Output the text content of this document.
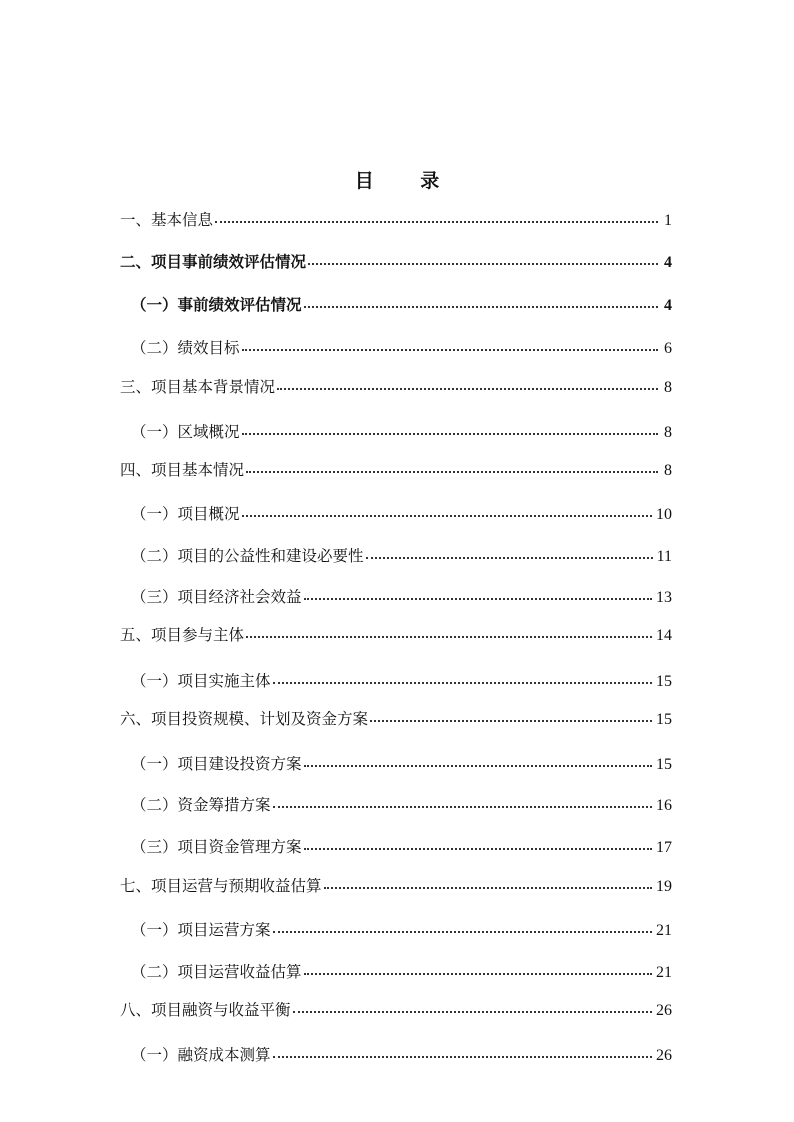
目 录
一、基本信息	1
二、项目事前绩效评估情况	4
（一）事前绩效评估情况	4
（二）绩效目标	6
三、项目基本背景情况	8
（一）区域概况	8
四、项目基本情况	8
（一）项目概况	10
（二）项目的公益性和建设必要性	11
（三）项目经济社会效益	13
五、项目参与主体	14
（一）项目实施主体	15
六、项目投资规模、计划及资金方案	15
（一）项目建设投资方案	15
（二）资金筹措方案	16
（三）项目资金管理方案	17
七、项目运营与预期收益估算	19
（一）项目运营方案	21
（二）项目运营收益估算	21
八、项目融资与收益平衡	26
（一）融资成本测算	26
